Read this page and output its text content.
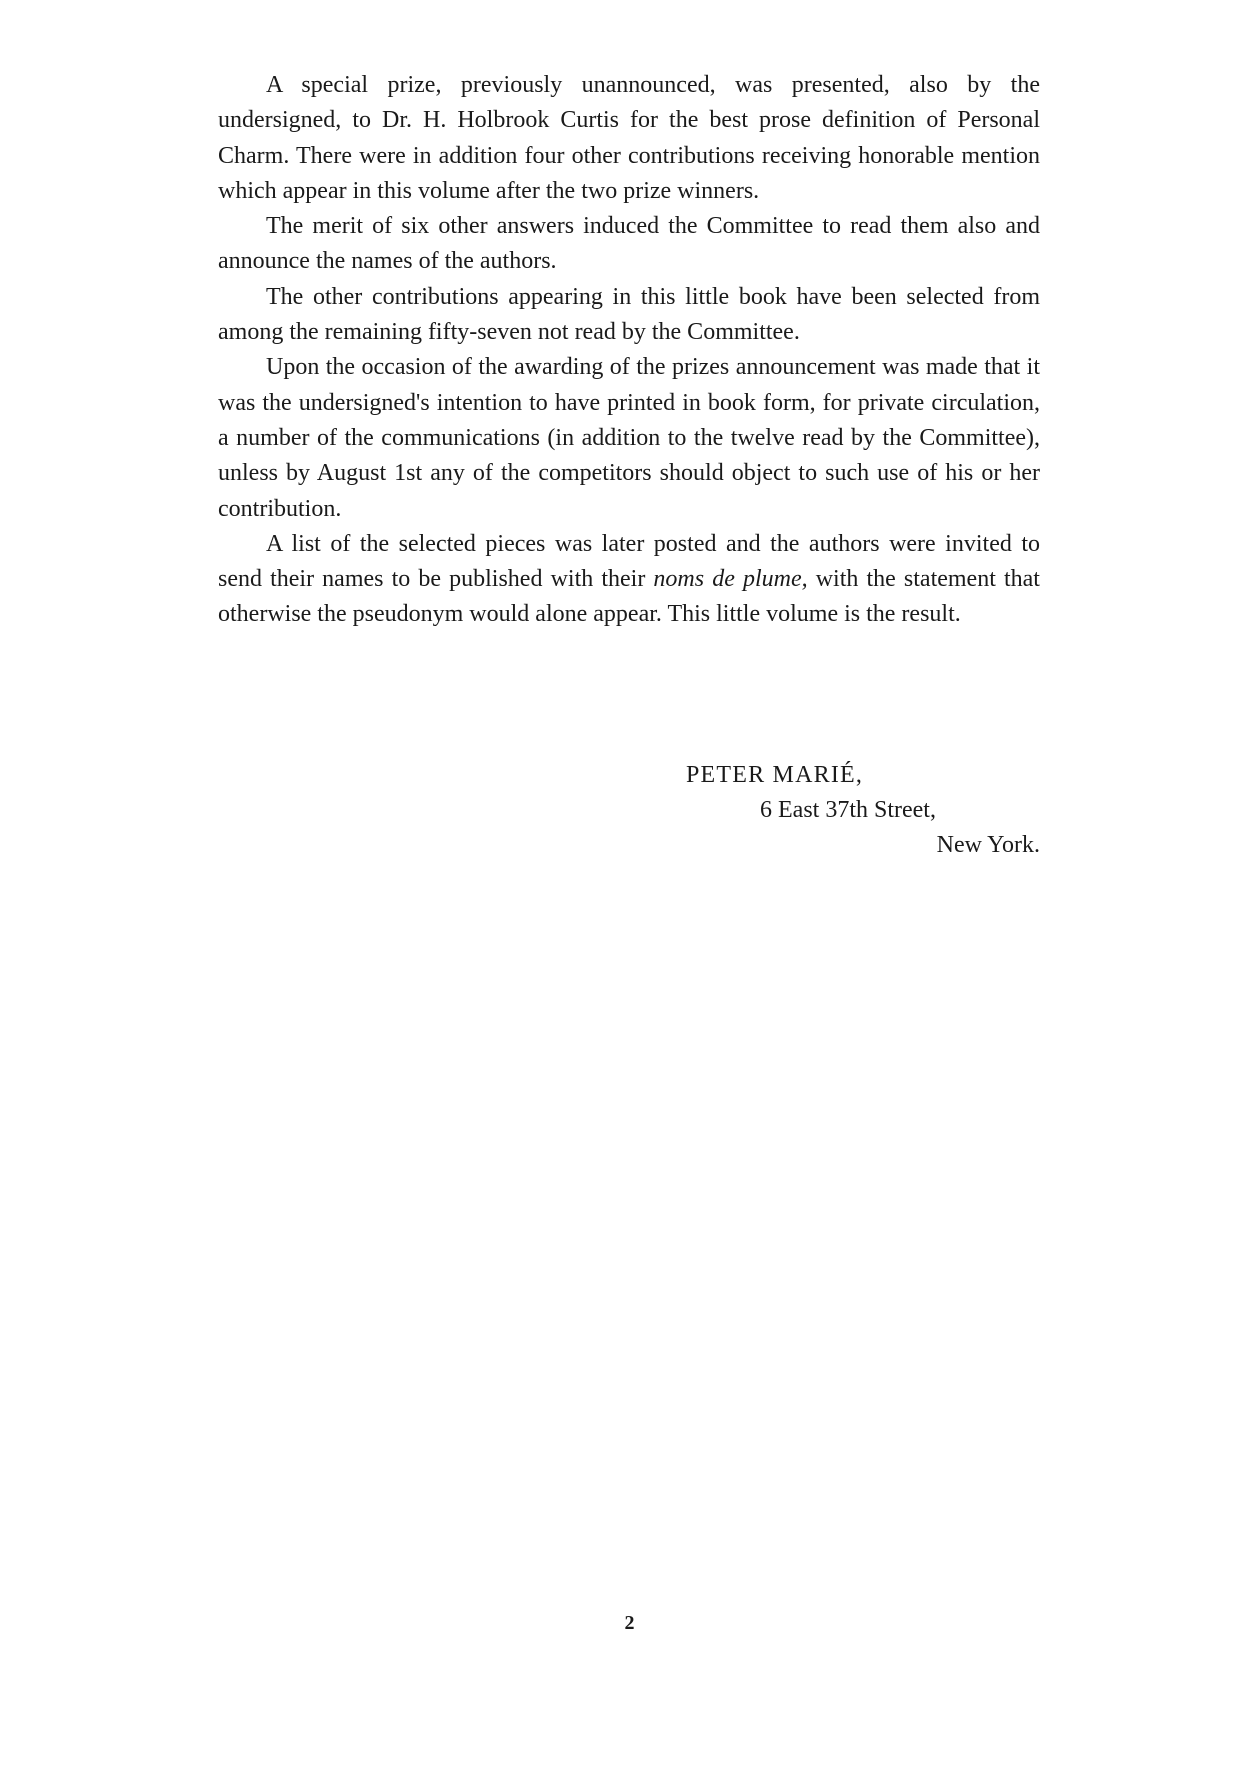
A special prize, previously unannounced, was presented, also by the undersigned, to Dr. H. Holbrook Curtis for the best prose definition of Personal Charm. There were in addition four other contributions receiving honorable mention which appear in this volume after the two prize winners.

The merit of six other answers induced the Committee to read them also and announce the names of the authors.

The other contributions appearing in this little book have been selected from among the remaining fifty-seven not read by the Committee.

Upon the occasion of the awarding of the prizes announcement was made that it was the undersigned's intention to have printed in book form, for private circulation, a number of the communications (in addition to the twelve read by the Committee), unless by August 1st any of the competitors should object to such use of his or her contribution.

A list of the selected pieces was later posted and the authors were invited to send their names to be published with their noms de plume, with the statement that otherwise the pseudonym would alone appear. This little volume is the result.

PETER MARIÉ,
6 East 37th Street,
New York.
2
